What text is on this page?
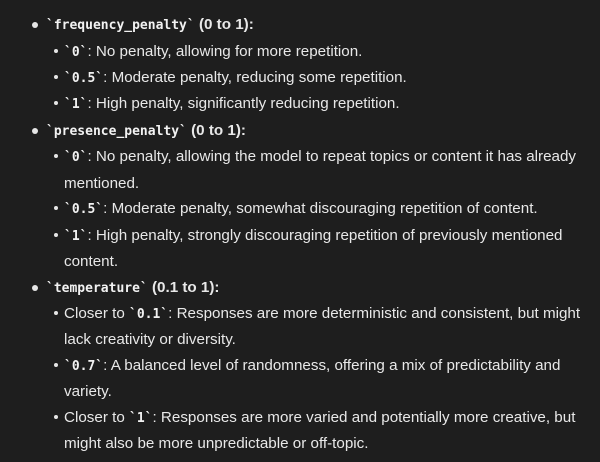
`frequency_penalty` (0 to 1):
`0`: No penalty, allowing for more repetition.
`0.5`: Moderate penalty, reducing some repetition.
`1`: High penalty, significantly reducing repetition.
`presence_penalty` (0 to 1):
`0`: No penalty, allowing the model to repeat topics or content it has already
mentioned.
`0.5`: Moderate penalty, somewhat discouraging repetition of content.
`1`: High penalty, strongly discouraging repetition of previously mentioned
content.
`temperature` (0.1 to 1):
Closer to `0.1`: Responses are more deterministic and consistent, but might
lack creativity or diversity.
`0.7`: A balanced level of randomness, offering a mix of predictability and
variety.
Closer to `1`: Responses are more varied and potentially more creative, but
might also be more unpredictable or off-topic.
